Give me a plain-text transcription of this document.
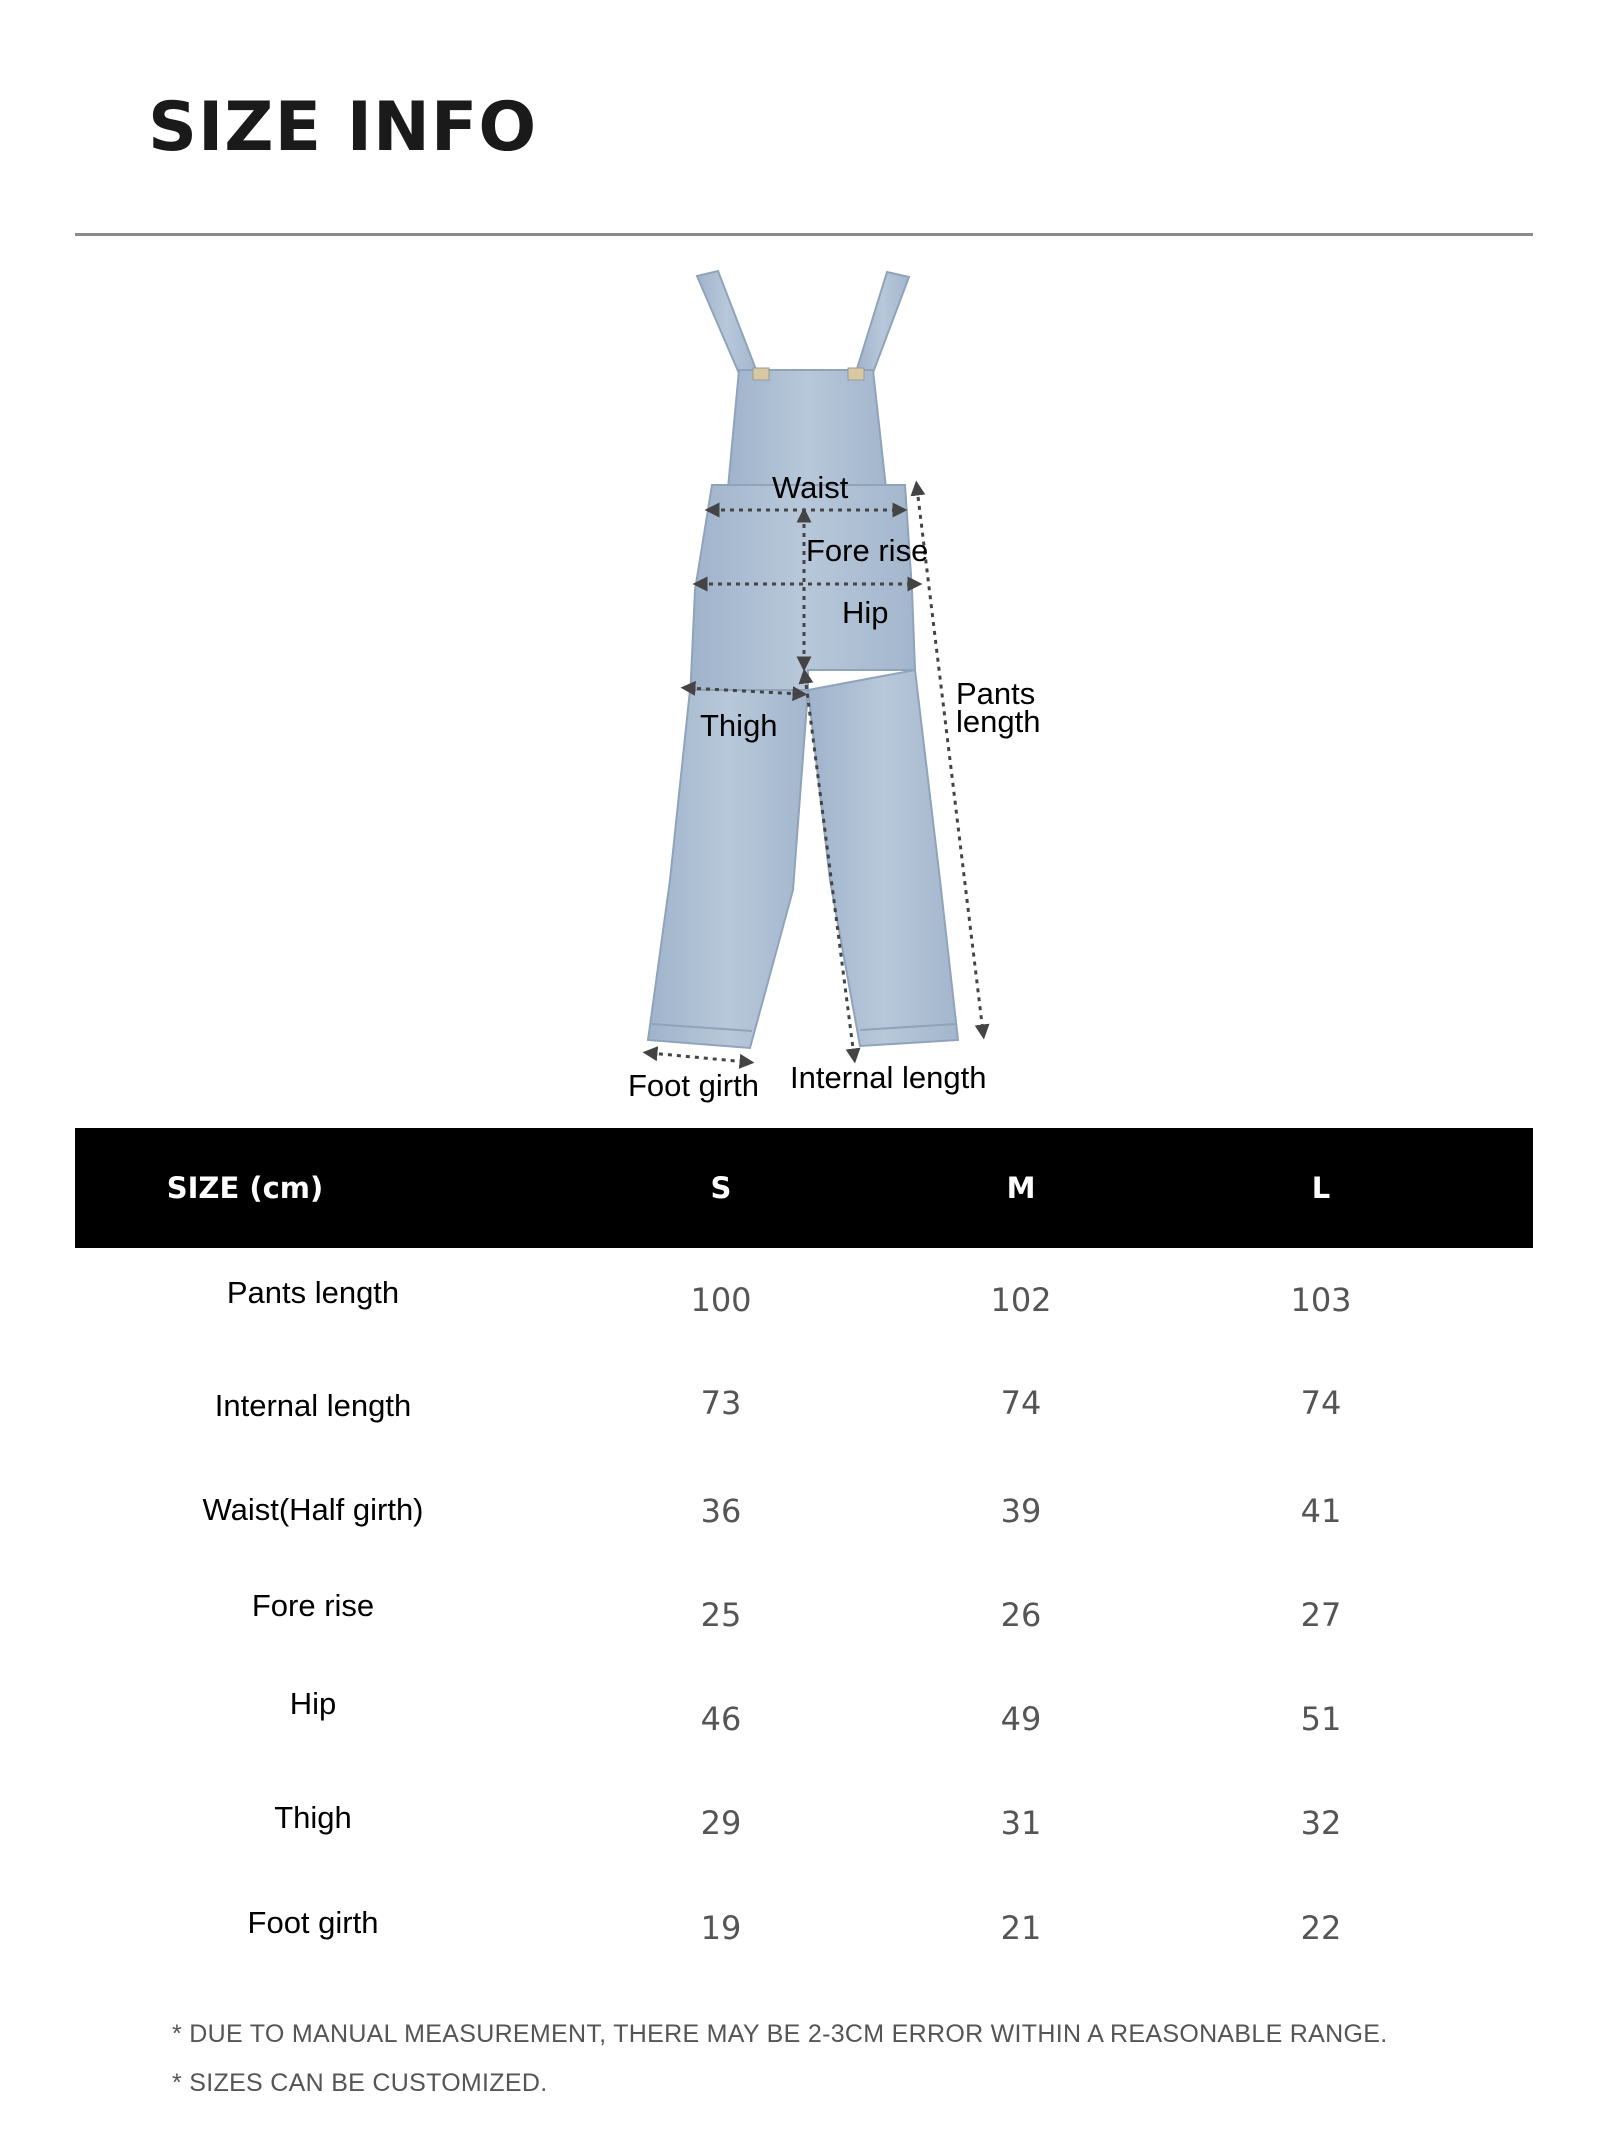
SIZE INFO
Waist
Fore rise
Hip
Thigh
Pants
length
Foot girth Internal length
SIZE (cm)	S	M	L
Pants length	100	102	103
Internal length	73	74	74
Waist(Half girth)	36	39	41
Fore rise	25	26	27
Hip	46	49	51
Thigh	29	31	32
Foot girth	19	21	22
* DUE TO MANUAL MEASUREMENT, THERE MAY BE 2-3CM ERROR WITHIN A REASONABLE RANGE.
* SIZES CAN BE CUSTOMIZED.
